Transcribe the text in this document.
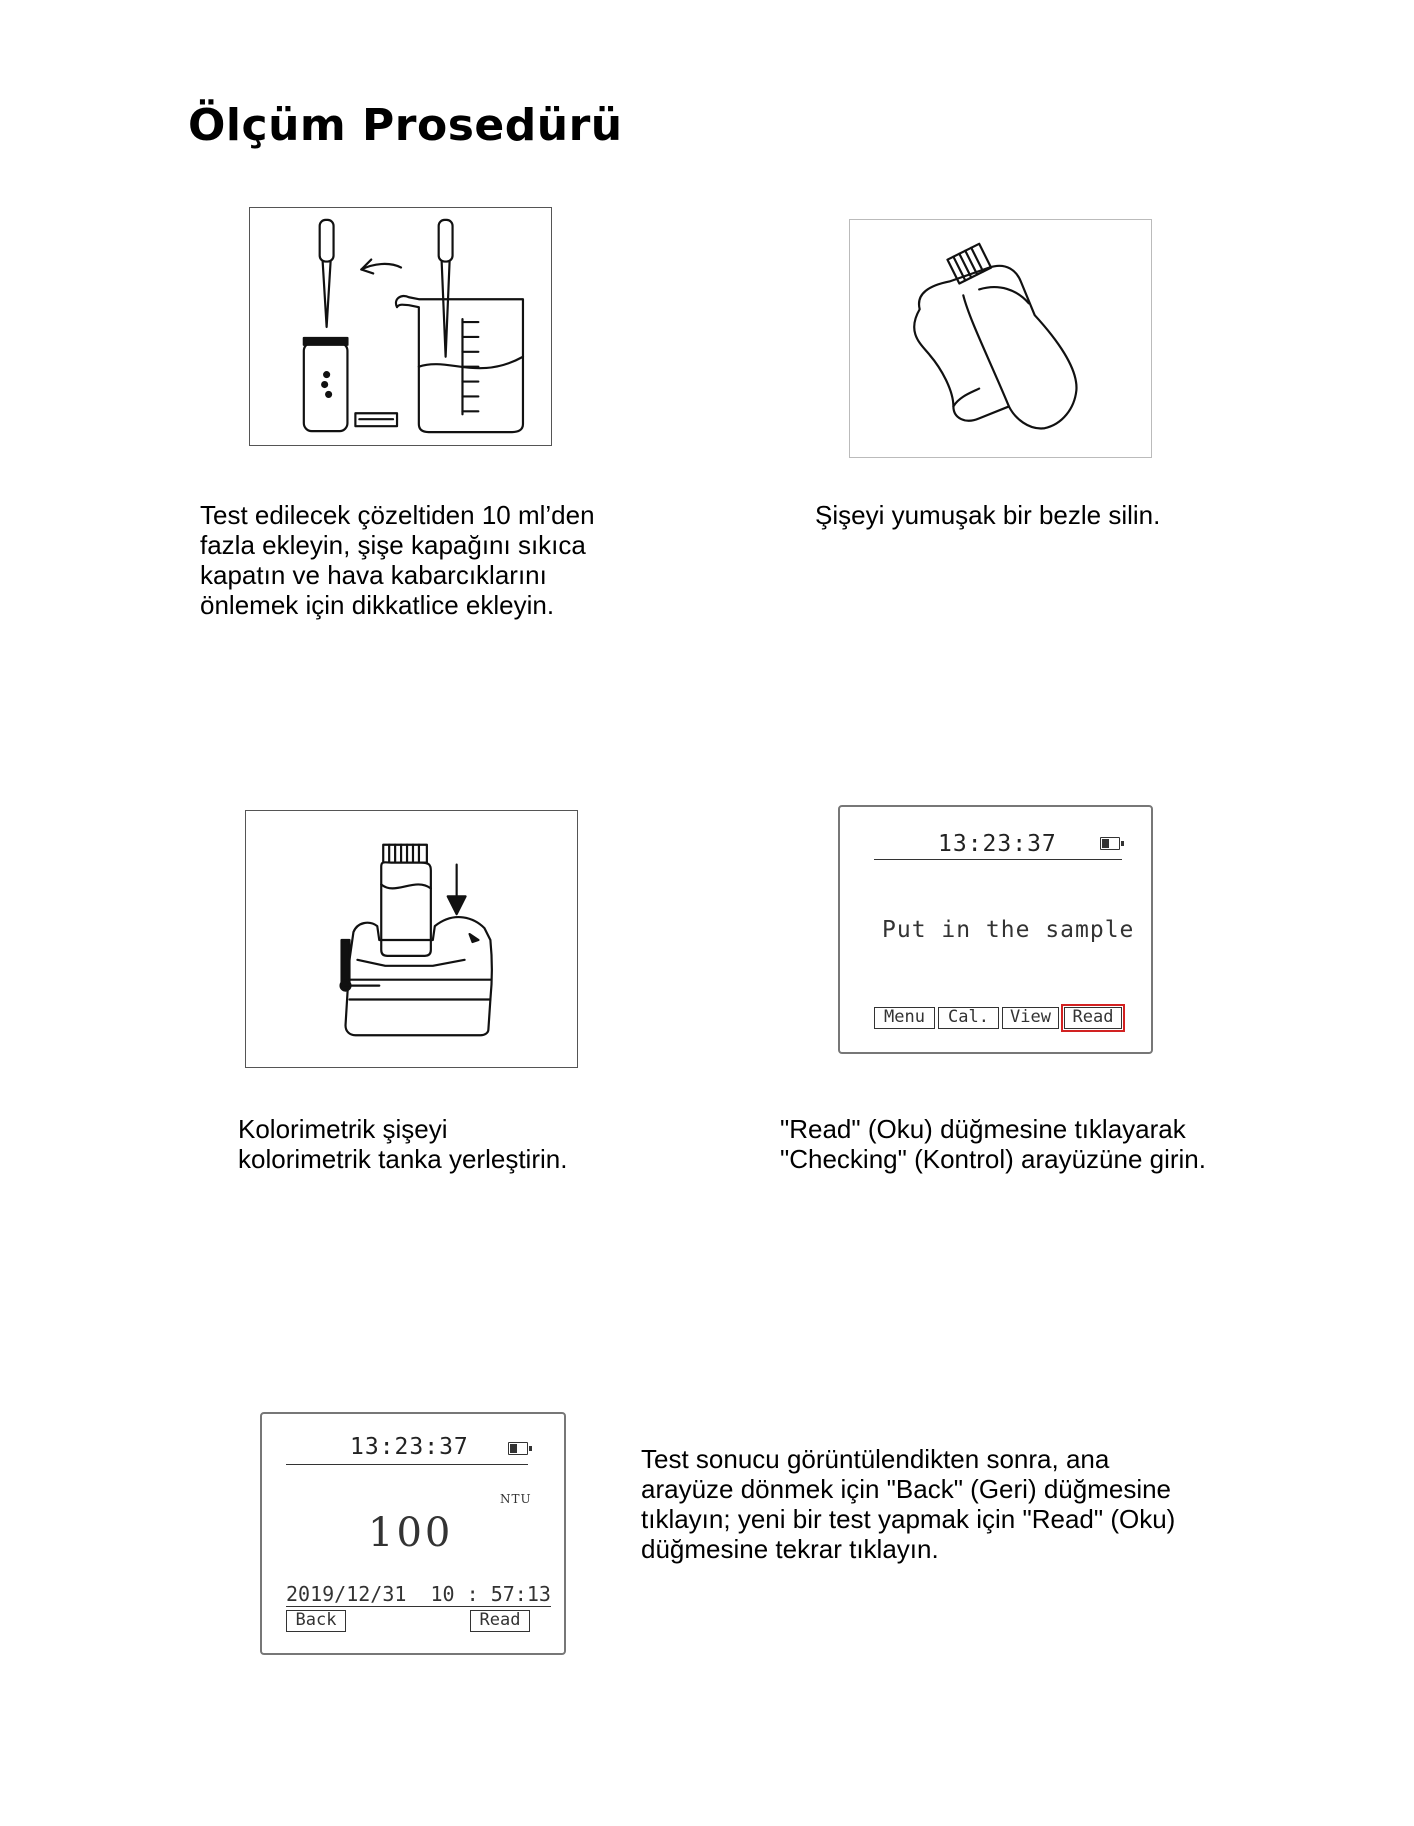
Ölçüm Prosedürü

Test edilecek çözeltiden 10 ml’den
fazla ekleyin, şişe kapağını sıkıca
kapatın ve hava kabarcıklarını
önlemek için dikkatlice ekleyin.

Şişeyi yumuşak bir bezle silin.

Kolorimetrik şişeyi
kolorimetrik tanka yerleştirin.

13:23:37
Put in the sample
Menu	Cal.	View	Read

"Read" (Oku) düğmesine tıklayarak
"Checking" (Kontrol) arayüzüne girin.

13:23:37
NTU
100
2019/12/31  10 : 57:13
Back	Read

Test sonucu görüntülendikten sonra, ana
arayüze dönmek için "Back" (Geri) düğmesine
tıklayın; yeni bir test yapmak için "Read" (Oku)
düğmesine tekrar tıklayın.
